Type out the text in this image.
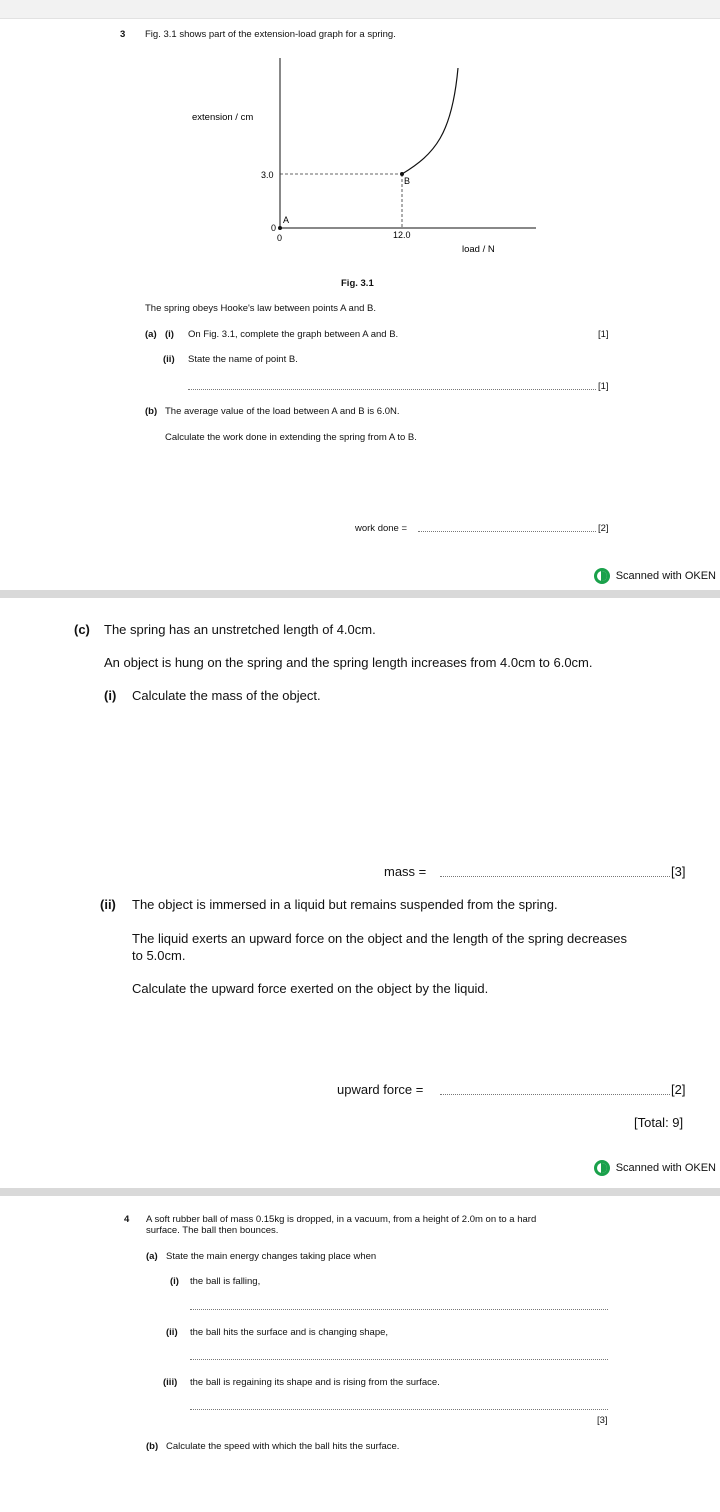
3 Fig. 3.1 shows part of the extension-load graph for a spring.
extension / cm
3.0
0
0	12.0
A
B
load / N
Fig. 3.1
The spring obeys Hooke's law between points A and B.
(a) (i) On Fig. 3.1, complete the graph between A and B.	[1]
(ii) State the name of point B.
[1]
(b) The average value of the load between A and B is 6.0N.
Calculate the work done in extending the spring from A to B.
work done =	[2]
Scanned with OKEN
(c) The spring has an unstretched length of 4.0cm.
An object is hung on the spring and the spring length increases from 4.0cm to 6.0cm.
(i) Calculate the mass of the object.
mass =	[3]
(ii) The object is immersed in a liquid but remains suspended from the spring.
The liquid exerts an upward force on the object and the length of the spring decreases
to 5.0cm.
Calculate the upward force exerted on the object by the liquid.
upward force =	[2]
[Total: 9]
Scanned with OKEN
4 A soft rubber ball of mass 0.15kg is dropped, in a vacuum, from a height of 2.0m on to a hard
surface. The ball then bounces.
(a) State the main energy changes taking place when
(i) the ball is falling,
(ii) the ball hits the surface and is changing shape,
(iii) the ball is regaining its shape and is rising from the surface.
[3]
(b) Calculate the speed with which the ball hits the surface.
